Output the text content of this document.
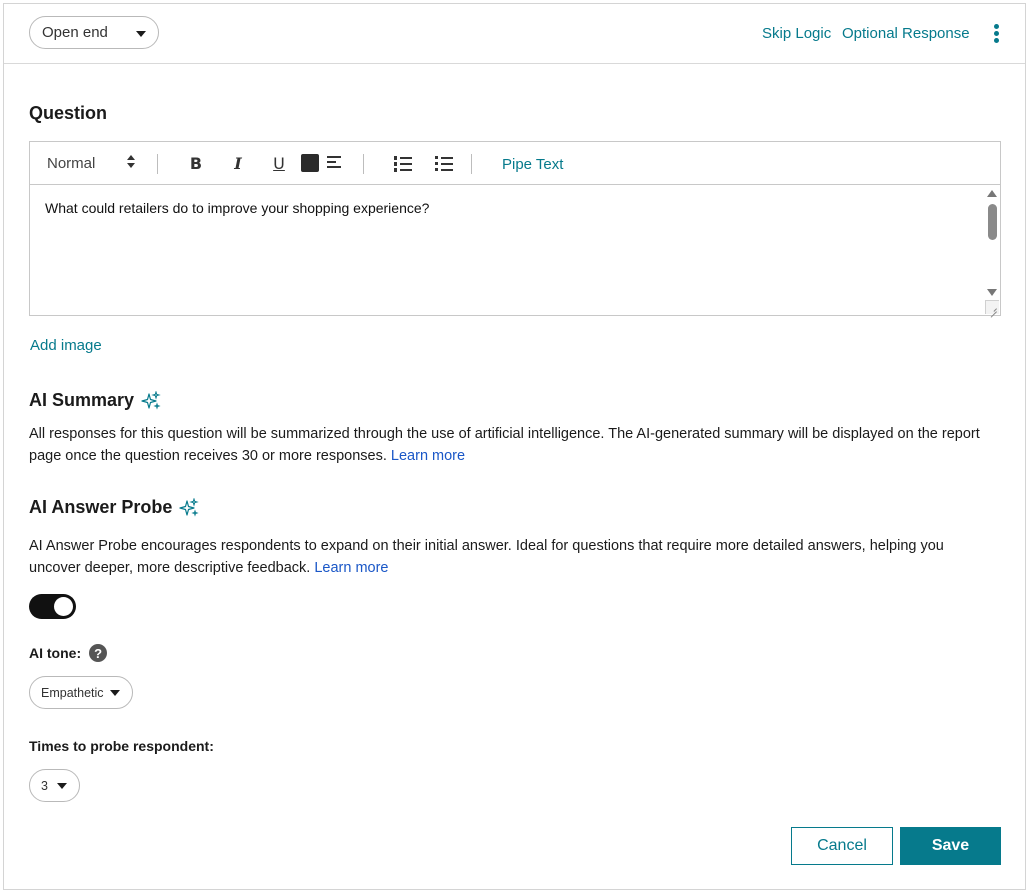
Open end	Skip Logic Optional Response
Question
Normal	B I U	Pipe Text
What could retailers do to improve your shopping experience?
Add image
AI Summary
All responses for this question will be summarized through the use of artificial intelligence. The AI-generated summary will be displayed on the report page once the question receives 30 or more responses. Learn more
AI Answer Probe
AI Answer Probe encourages respondents to expand on their initial answer. Ideal for questions that require more detailed answers, helping you uncover deeper, more descriptive feedback. Learn more
AI tone:	?
Empathetic
Times to probe respondent:
3
Cancel	Save
